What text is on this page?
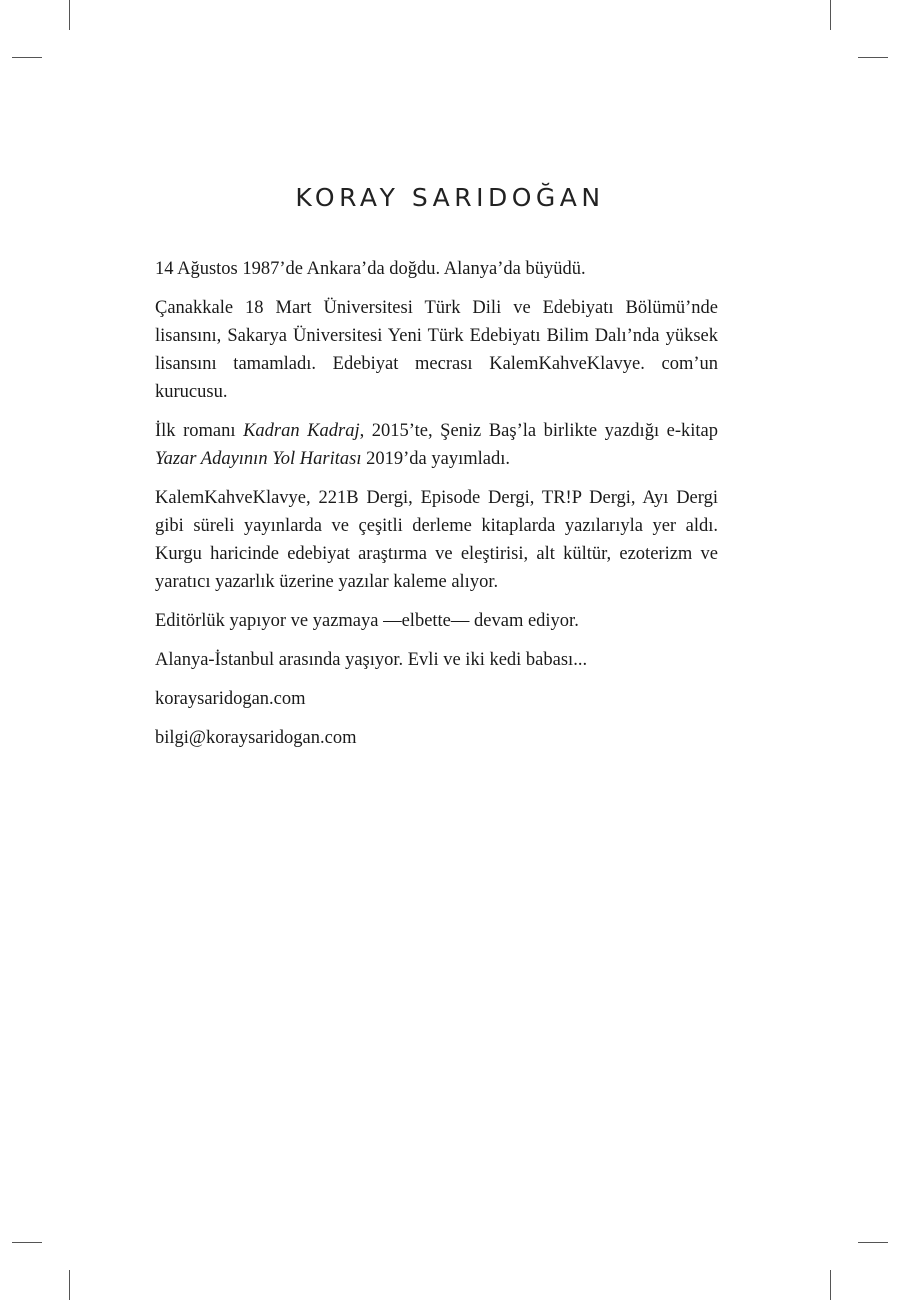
KORAY SARIDOĞAN

14 Ağustos 1987’de Ankara’da doğdu. Alanya’da büyüdü.

Çanakkale 18 Mart Üniversitesi Türk Dili ve Edebiyatı Bölümü’nde lisansını, Sakarya Üniversitesi Yeni Türk Edebiyatı Bilim Dalı’nda yüksek lisansını tamamladı. Edebiyat mecrası KalemKahveKlavye. com’un kurucusu.

İlk romanı Kadran Kadraj, 2015’te, Şeniz Baş’la birlikte yazdığı e-kitap Yazar Adayının Yol Haritası 2019’da yayımladı.

KalemKahveKlavye, 221B Dergi, Episode Dergi, TR!P Dergi, Ayı Dergi gibi süreli yayınlarda ve çeşitli derleme kitaplarda yazılarıyla yer aldı. Kurgu haricinde edebiyat araştırma ve eleştirisi, alt kültür, ezoterizm ve yaratıcı yazarlık üzerine yazılar kaleme alıyor.

Editörlük yapıyor ve yazmaya —elbette— devam ediyor.

Alanya-İstanbul arasında yaşıyor. Evli ve iki kedi babası...

koraysaridogan.com

bilgi@koraysaridogan.com
